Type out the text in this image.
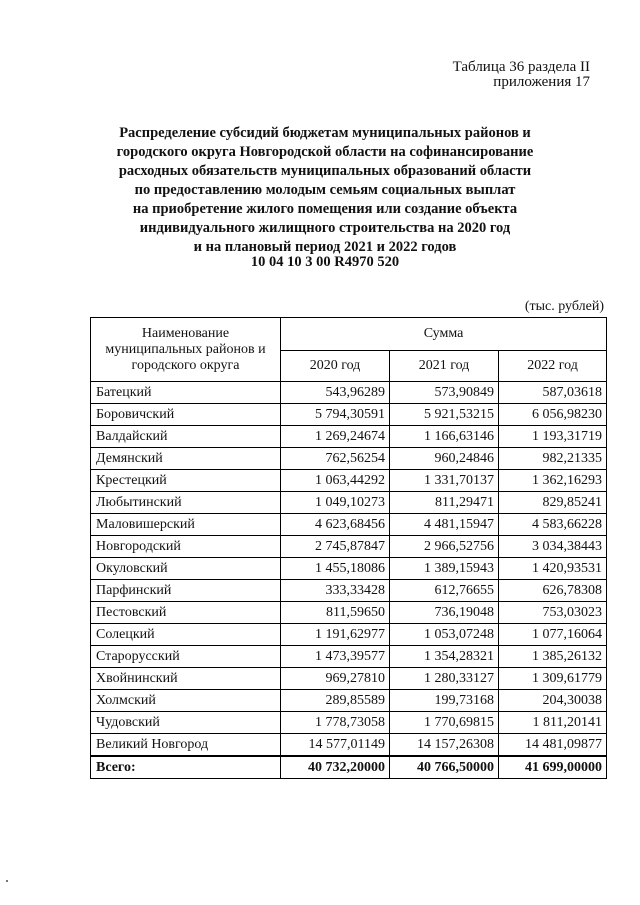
Таблица 36 раздела II
приложения 17
Распределение субсидий бюджетам муниципальных районов и
городского округа Новгородской области на софинансирование
расходных обязательств муниципальных образований области
по предоставлению молодым семьям социальных выплат
на приобретение жилого помещения или создание объекта
индивидуального жилищного строительства на 2020 год
и на плановый период 2021 и 2022 годов
10 04 10 3 00 R4970 520
(тыс. рублей)
Наименование муниципальных районов и городского округа	Сумма		
	2020 год	2021 год	2022 год
Батецкий	543,96289	573,90849	587,03618
Боровичский	5 794,30591	5 921,53215	6 056,98230
Валдайский	1 269,24674	1 166,63146	1 193,31719
Демянский	762,56254	960,24846	982,21335
Крестецкий	1 063,44292	1 331,70137	1 362,16293
Любытинский	1 049,10273	811,29471	829,85241
Маловишерский	4 623,68456	4 481,15947	4 583,66228
Новгородский	2 745,87847	2 966,52756	3 034,38443
Окуловский	1 455,18086	1 389,15943	1 420,93531
Парфинский	333,33428	612,76655	626,78308
Пестовский	811,59650	736,19048	753,03023
Солецкий	1 191,62977	1 053,07248	1 077,16064
Старорусский	1 473,39577	1 354,28321	1 385,26132
Хвойнинский	969,27810	1 280,33127	1 309,61779
Холмский	289,85589	199,73168	204,30038
Чудовский	1 778,73058	1 770,69815	1 811,20141
Великий Новгород	14 577,01149	14 157,26308	14 481,09877
Всего:	40 732,20000	40 766,50000	41 699,00000
